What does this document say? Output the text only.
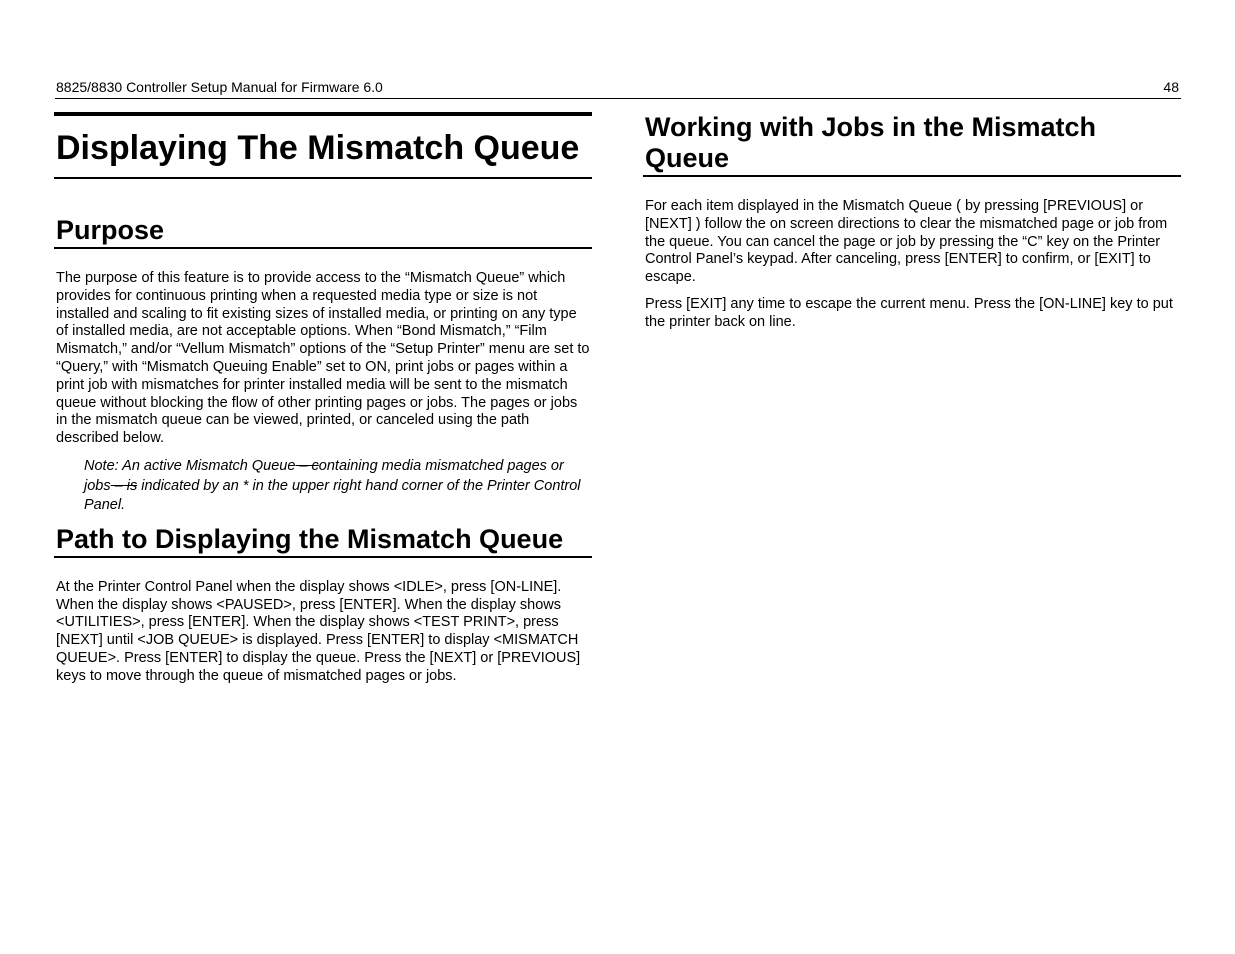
8825/8830 Controller Setup Manual for Firmware 6.0	48
Displaying The Mismatch Queue
Purpose

The purpose of this feature is to provide access to the “Mismatch Queue” which provides for continuous printing when a requested media type or size is not installed and scaling to fit existing sizes of installed media, or printing on any type of installed media, are not acceptable options. When “Bond Mismatch,” “Film Mismatch,” and/or “Vellum Mismatch” options of the “Setup Printer” menu are set to “Query,” with “Mismatch Queuing Enable” set to ON, print jobs or pages within a print job with mismatches for printer installed media will be sent to the mismatch queue without blocking the flow of other printing pages or jobs. The pages or jobs in the mismatch queue can be viewed, printed, or canceled using the path described below.

Note: An active Mismatch Queue – containing media mismatched pages or jobs – is indicated by an * in the upper right hand corner of the Printer Control Panel.

Path to Displaying the Mismatch Queue

At the Printer Control Panel when the display shows <IDLE>, press [ON-LINE]. When the display shows <PAUSED>, press [ENTER]. When the display shows <UTILITIES>, press [ENTER]. When the display shows <TEST PRINT>, press [NEXT] until <JOB QUEUE> is displayed. Press [ENTER] to display <MISMATCH QUEUE>. Press [ENTER] to display the queue. Press the [NEXT] or [PREVIOUS] keys to move through the queue of mismatched pages or jobs.

Working with Jobs in the Mismatch Queue

For each item displayed in the Mismatch Queue ( by pressing [PREVIOUS] or [NEXT] ) follow the on screen directions to clear the mismatched page or job from the queue. You can cancel the page or job by pressing the “C” key on the Printer Control Panel’s keypad. After canceling, press [ENTER] to confirm, or [EXIT] to escape.

Press [EXIT] any time to escape the current menu. Press the [ON-LINE] key to put the printer back on line.
